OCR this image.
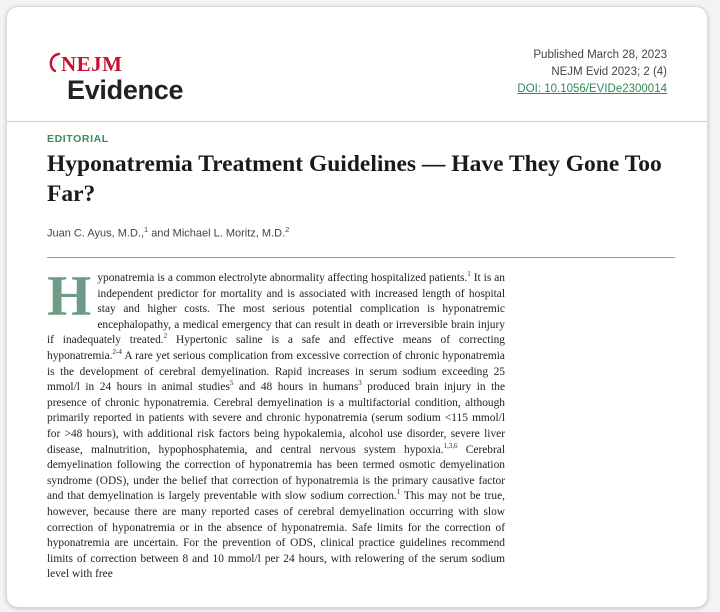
NEJM
Evidence
Published March 28, 2023
NEJM Evid 2023; 2 (4)
DOI: 10.1056/EVIDe2300014
EDITORIAL
Hyponatremia Treatment Guidelines — Have They Gone Too Far?
Juan C. Ayus, M.D.,$^1$ and Michael L. Moritz, M.D.$^2$
Hyponatremia is a common electrolyte abnormality affecting hospitalized patients.$^1$ It is an independent predictor for mortality and is associated with increased length of hospital stay and higher costs. The most serious potential complication is hyponatremic encephalopathy, a medical emergency that can result in death or irreversible brain injury if inadequately treated.$^2$ Hypertonic saline is a safe and effective means of correcting hyponatremia.$^{2-4}$ A rare yet serious complication from excessive correction of chronic hyponatremia is the development of cerebral demyelination. Rapid increases in serum sodium exceeding 25 mmol/l in 24 hours in animal studies$^5$ and 48 hours in humans$^3$ produced brain injury in the presence of chronic hyponatremia. Cerebral demyelination is a multifactorial condition, although primarily reported in patients with severe and chronic hyponatremia (serum sodium <115 mmol/l for >48 hours), with additional risk factors being hypokalemia, alcohol use disorder, severe liver disease, malnutrition, hypophosphatemia, and central nervous system hypoxia.$^{1,3,6}$ Cerebral demyelination following the correction of hyponatremia has been termed osmotic demyelination syndrome (ODS), under the belief that correction of hyponatremia is the primary causative factor and that demyelination is largely preventable with slow sodium correction.$^1$ This may not be true, however, because there are many reported cases of cerebral demyelination occurring with slow correction of hyponatremia or in the absence of hyponatremia. Safe limits for the correction of hyponatremia are uncertain. For the prevention of ODS, clinical practice guidelines recommend limits of correction between 8 and 10 mmol/l per 24 hours, with relowering of the serum sodium level with free
